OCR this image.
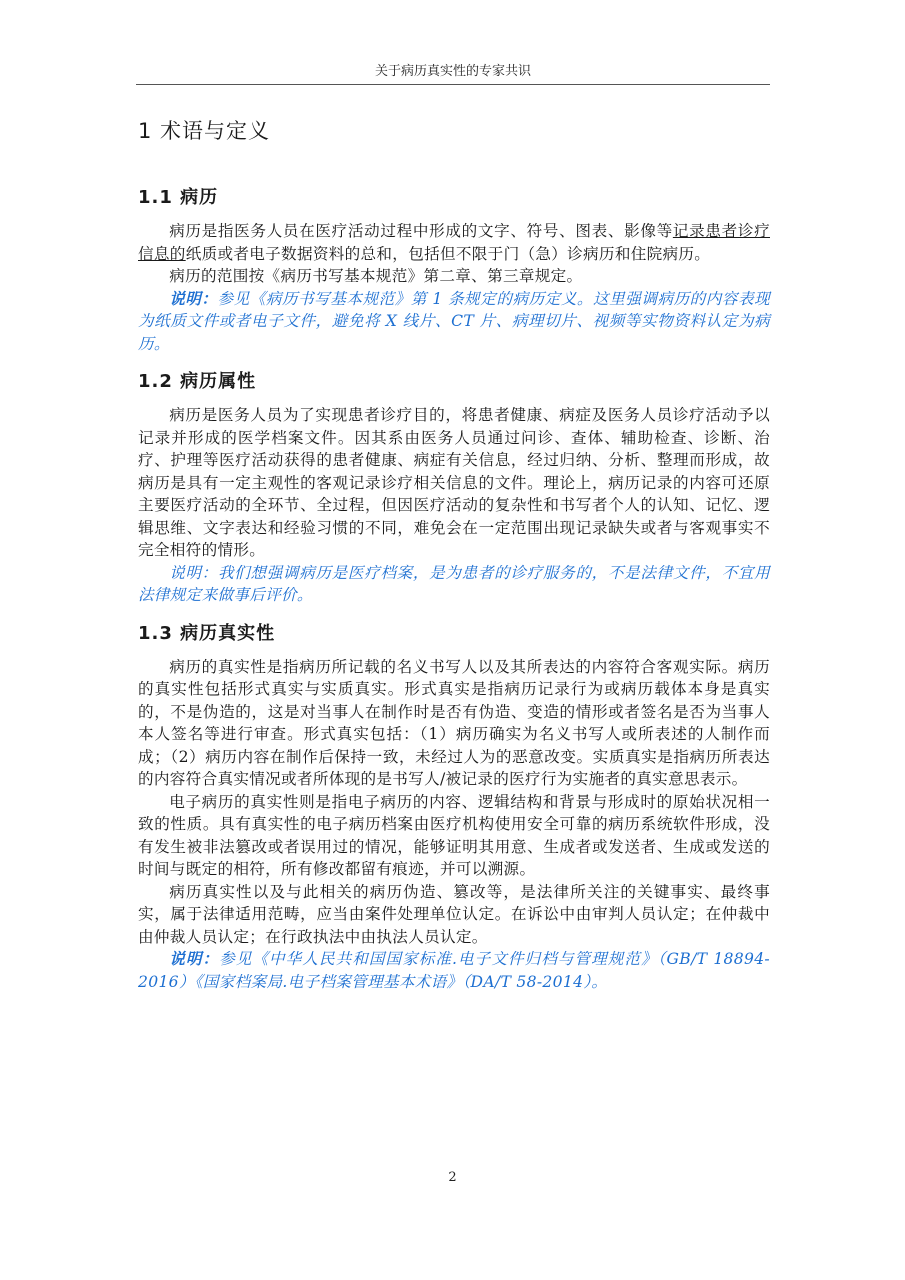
关于病历真实性的专家共识
1 术语与定义
1.1 病历

病历是指医务人员在医疗活动过程中形成的文字、符号、图表、影像等记录患者诊疗信息的纸质或者电子数据资料的总和，包括但不限于门（急）诊病历和住院病历。

病历的范围按《病历书写基本规范》第二章、第三章规定。

说明：参见《病历书写基本规范》第 1 条规定的病历定义。这里强调病历的内容表现为纸质文件或者电子文件，避免将 X 线片、CT 片、病理切片、视频等实物资料认定为病历。

1.2 病历属性

病历是医务人员为了实现患者诊疗目的，将患者健康、病症及医务人员诊疗活动予以记录并形成的医学档案文件。因其系由医务人员通过问诊、查体、辅助检查、诊断、治疗、护理等医疗活动获得的患者健康、病症有关信息，经过归纳、分析、整理而形成，故病历是具有一定主观性的客观记录诊疗相关信息的文件。理论上，病历记录的内容可还原主要医疗活动的全环节、全过程，但因医疗活动的复杂性和书写者个人的认知、记忆、逻辑思维、文字表达和经验习惯的不同，难免会在一定范围出现记录缺失或者与客观事实不完全相符的情形。

说明：我们想强调病历是医疗档案，是为患者的诊疗服务的，不是法律文件，不宜用法律规定来做事后评价。

1.3 病历真实性

病历的真实性是指病历所记载的名义书写人以及其所表达的内容符合客观实际。病历的真实性包括形式真实与实质真实。形式真实是指病历记录行为或病历载体本身是真实的，不是伪造的，这是对当事人在制作时是否有伪造、变造的情形或者签名是否为当事人本人签名等进行审查。形式真实包括：（1）病历确实为名义书写人或所表述的人制作而成；（2）病历内容在制作后保持一致，未经过人为的恶意改变。实质真实是指病历所表达的内容符合真实情况或者所体现的是书写人/被记录的医疗行为实施者的真实意思表示。

电子病历的真实性则是指电子病历的内容、逻辑结构和背景与形成时的原始状况相一致的性质。具有真实性的电子病历档案由医疗机构使用安全可靠的病历系统软件形成，没有发生被非法篡改或者误用过的情况，能够证明其用意、生成者或发送者、生成或发送的时间与既定的相符，所有修改都留有痕迹，并可以溯源。

病历真实性以及与此相关的病历伪造、篡改等，是法律所关注的关键事实、最终事实，属于法律适用范畴，应当由案件处理单位认定。在诉讼中由审判人员认定；在仲裁中由仲裁人员认定；在行政执法中由执法人员认定。

说明：参见《中华人民共和国国家标准.电子文件归档与管理规范》（GB/T 18894-2016）《国家档案局.电子档案管理基本术语》（DA/T 58-2014）。

2
